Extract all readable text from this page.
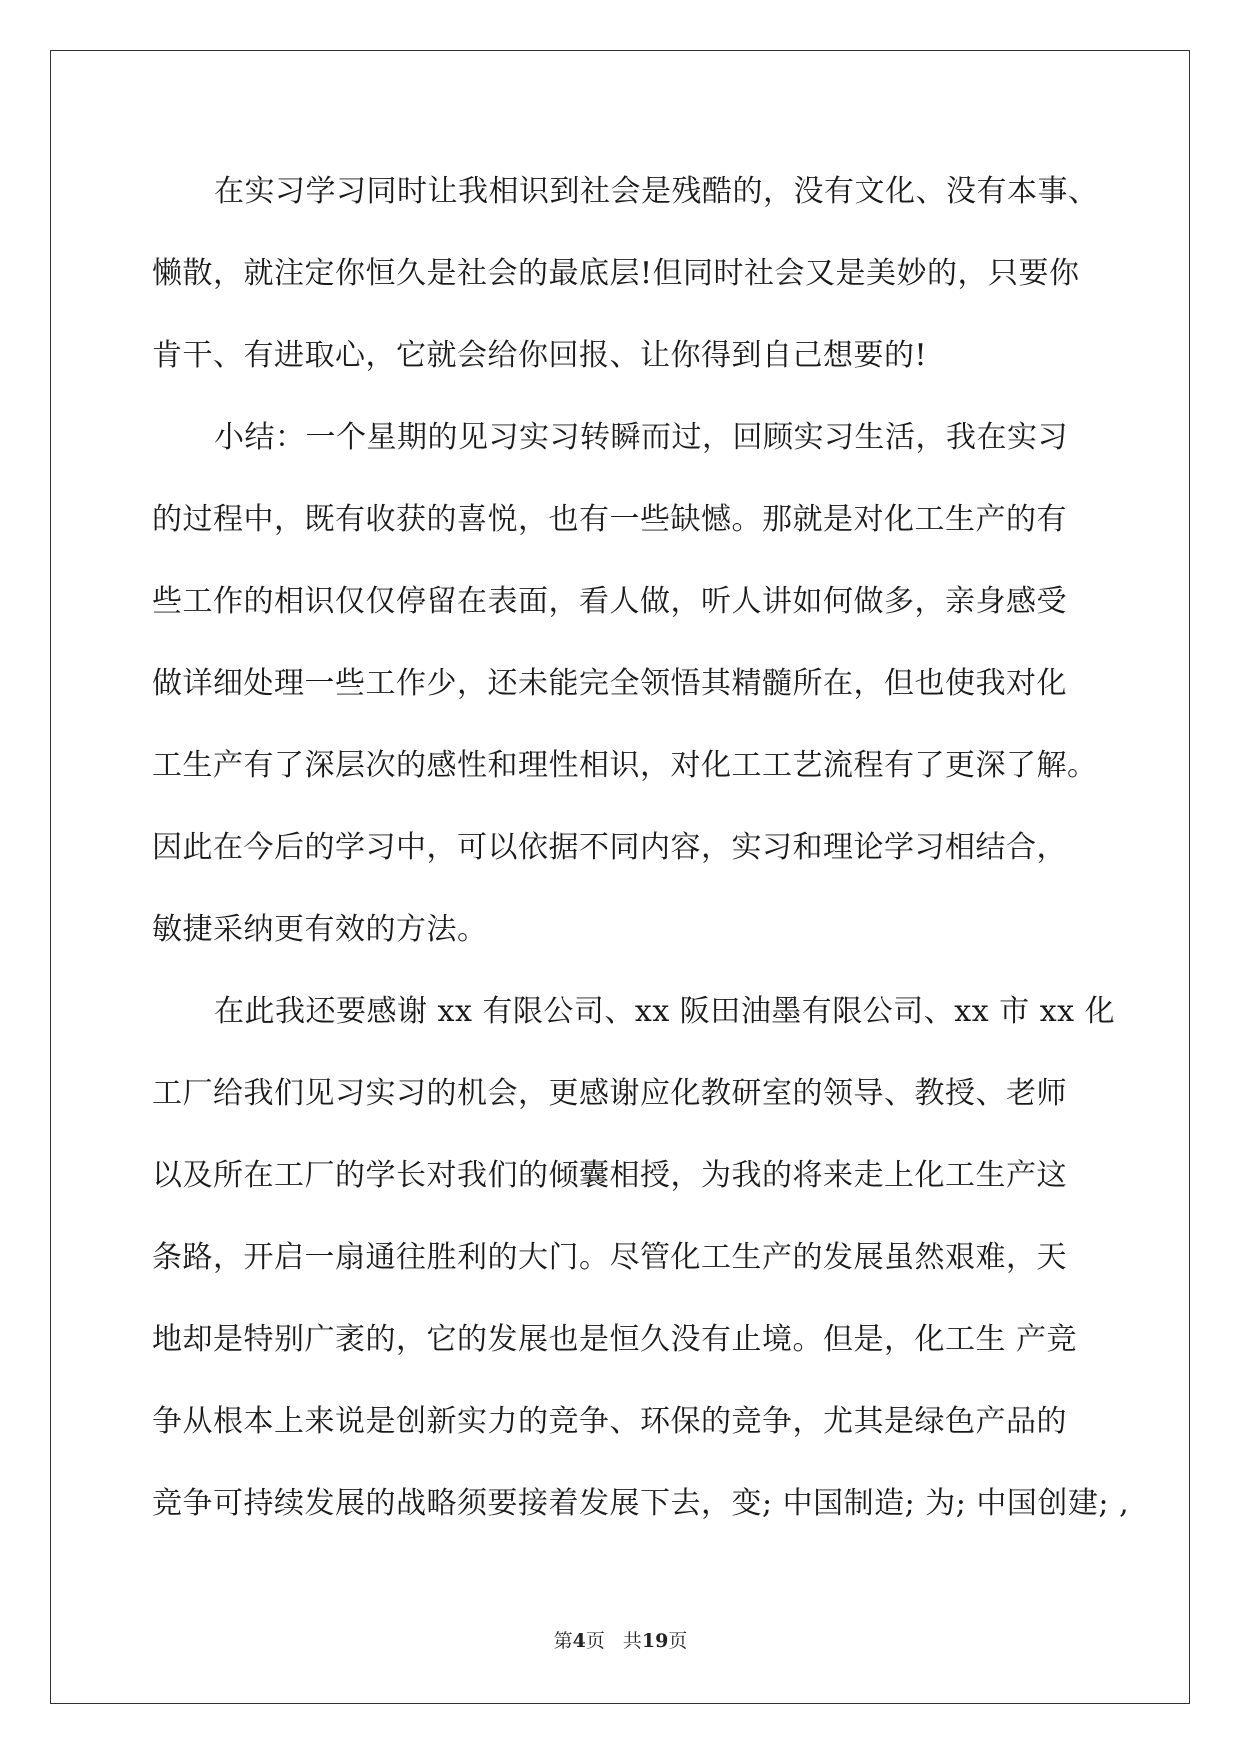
在实习学习同时让我相识到社会是残酷的，没有文化、没有本事、
懒散，就注定你恒久是社会的最底层!但同时社会又是美妙的，只要你
肯干、有进取心，它就会给你回报、让你得到自己想要的!
小结：一个星期的见习实习转瞬而过，回顾实习生活，我在实习
的过程中，既有收获的喜悦，也有一些缺憾。那就是对化工生产的有
些工作的相识仅仅停留在表面，看人做，听人讲如何做多，亲身感受
做详细处理一些工作少，还未能完全领悟其精髓所在，但也使我对化
工生产有了深层次的感性和理性相识，对化工工艺流程有了更深了解。
因此在今后的学习中，可以依据不同内容，实习和理论学习相结合，
敏捷采纳更有效的方法。
在此我还要感谢 xx 有限公司、xx 阪田油墨有限公司、xx 市 xx 化
工厂给我们见习实习的机会，更感谢应化教研室的领导、教授、老师
以及所在工厂的学长对我们的倾囊相授，为我的将来走上化工生产这
条路，开启一扇通往胜利的大门。尽管化工生产的发展虽然艰难，天
地却是特别广袤的，它的发展也是恒久没有止境。但是，化工生 产竞
争从根本上来说是创新实力的竞争、环保的竞争，尤其是绿色产品的
竞争可持续发展的战略须要接着发展下去，变; 中国制造; 为; 中国创建; ,
第4页 共19页
